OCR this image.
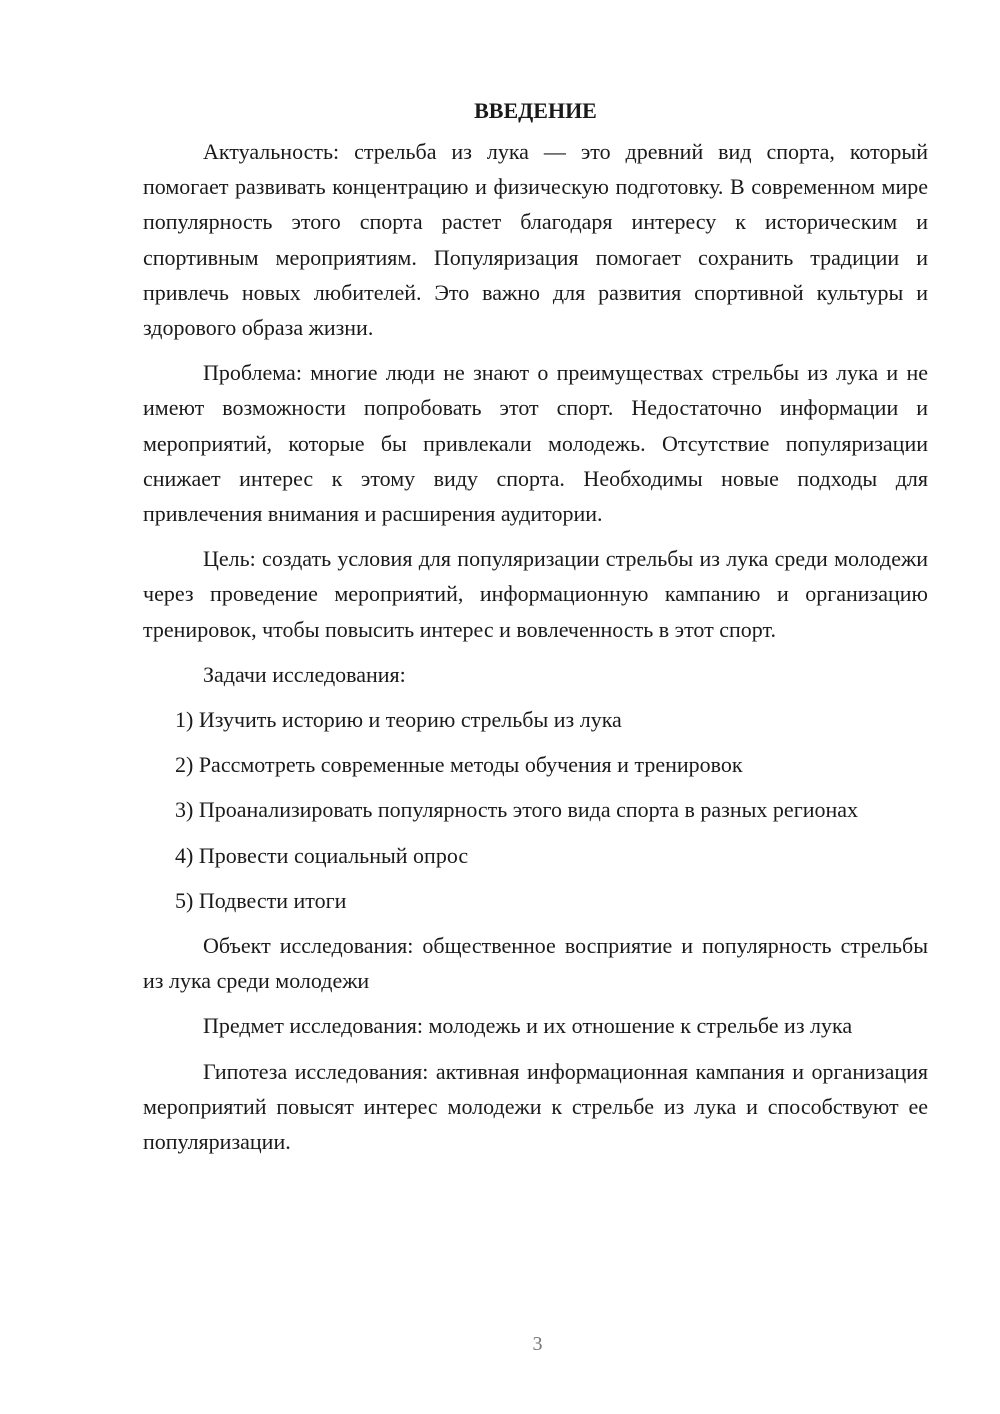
ВВЕДЕНИЕ

Актуальность: стрельба из лука — это древний вид спорта, который помогает развивать концентрацию и физическую подготовку. В современном мире популярность этого спорта растет благодаря интересу к историческим и спортивным мероприятиям. Популяризация помогает сохранить традиции и привлечь новых любителей. Это важно для развития спортивной культуры и здорового образа жизни.

Проблема: многие люди не знают о преимуществах стрельбы из лука и не имеют возможности попробовать этот спорт. Недостаточно информации и мероприятий, которые бы привлекали молодежь. Отсутствие популяризации снижает интерес к этому виду спорта. Необходимы новые подходы для привлечения внимания и расширения аудитории.

Цель: создать условия для популяризации стрельбы из лука среди молодежи через проведение мероприятий, информационную кампанию и организацию тренировок, чтобы повысить интерес и вовлеченность в этот спорт.

Задачи исследования:

1) Изучить историю и теорию стрельбы из лука

2) Рассмотреть современные методы обучения и тренировок

3) Проанализировать популярность этого вида спорта в разных регионах

4) Провести социальный опрос

5) Подвести итоги

Объект исследования: общественное восприятие и популярность стрельбы из лука среди молодежи

Предмет исследования: молодежь и их отношение к стрельбе из лука

Гипотеза исследования: активная информационная кампания и организация мероприятий повысят интерес молодежи к стрельбе из лука и способствуют ее популяризации.

3
